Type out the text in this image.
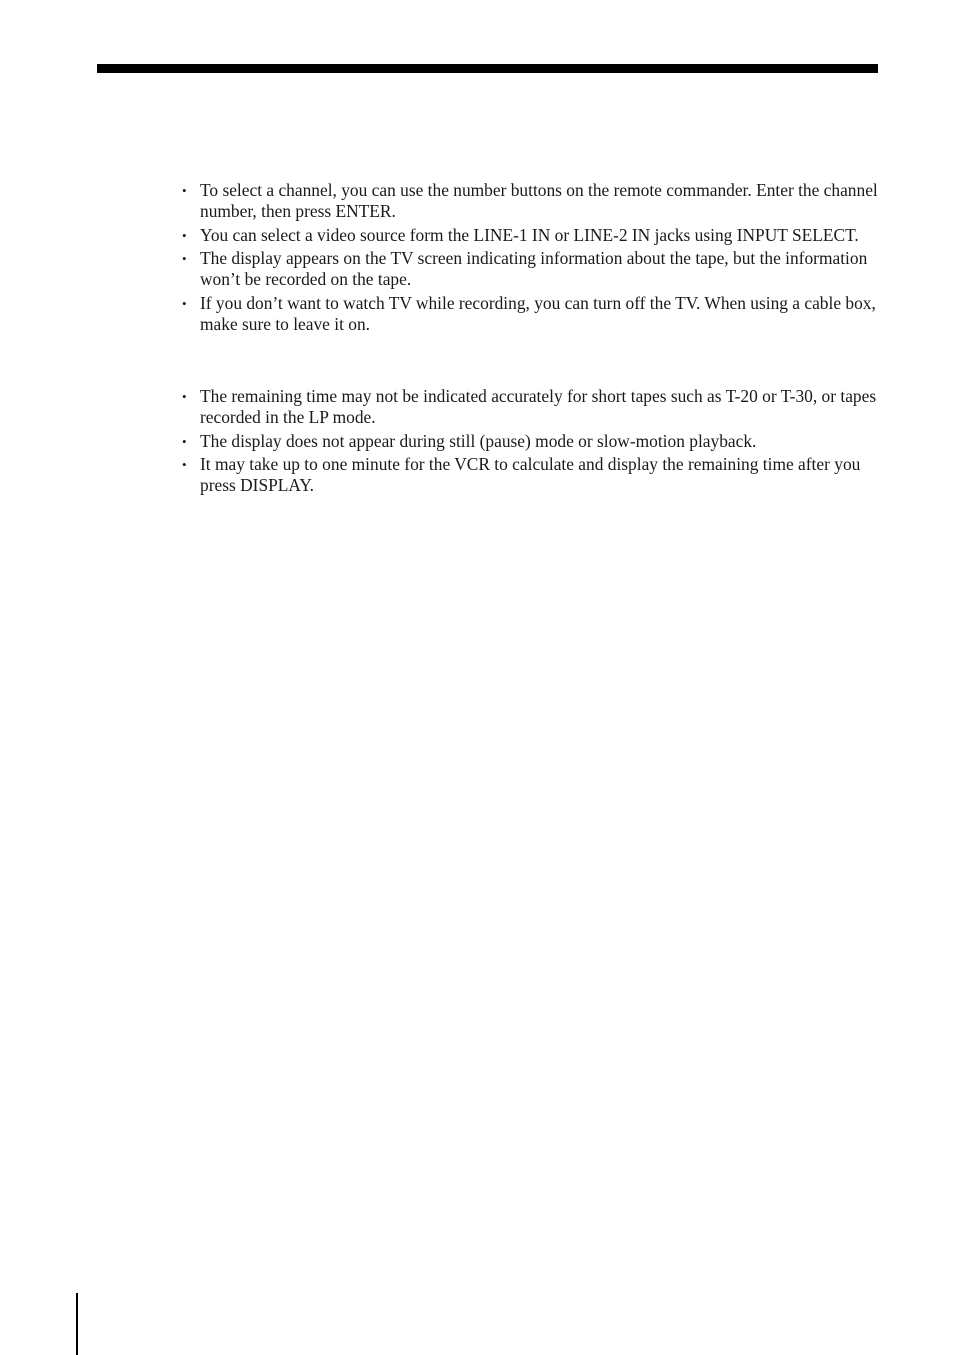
• To select a channel, you can use the number buttons on the remote commander. Enter the channel number, then press ENTER.
• You can select a video source form the LINE-1 IN or LINE-2 IN jacks using INPUT SELECT.
• The display appears on the TV screen indicating information about the tape, but the information won’t be recorded on the tape.
• If you don’t want to watch TV while recording, you can turn off the TV. When using a cable box, make sure to leave it on.
• The remaining time may not be indicated accurately for short tapes such as T-20 or T-30, or tapes recorded in the LP mode.
• The display does not appear during still (pause) mode or slow-motion playback.
• It may take up to one minute for the VCR to calculate and display the remaining time after you press DISPLAY.
